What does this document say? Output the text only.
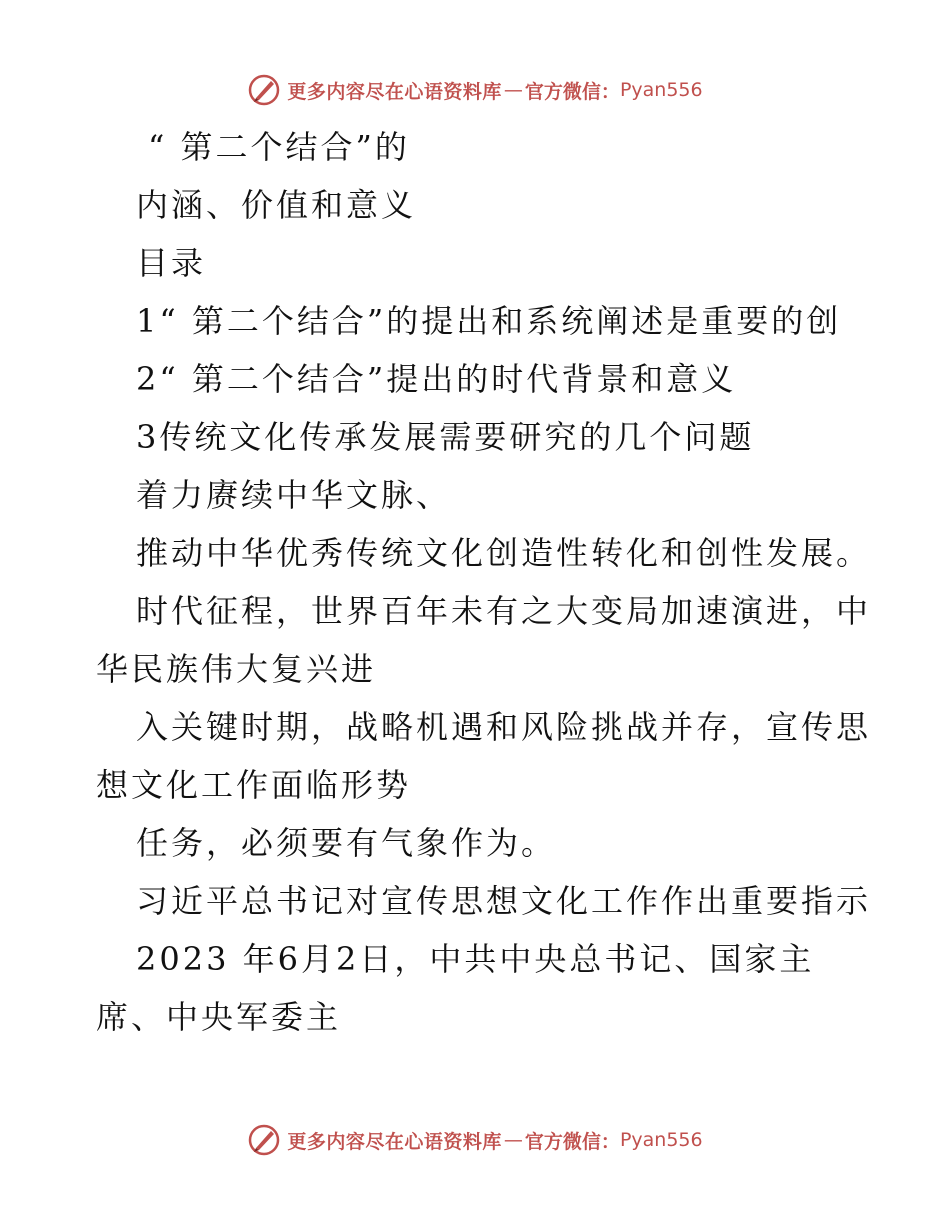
更多内容尽在心语资料库 — 官方微信： Pyan556

“ 第二个结合”的

内涵、价值和意义

目录

1“ 第二个结合”的提出和系统阐述是重要的创

2“ 第二个结合”提出的时代背景和意义

3传统文化传承发展需要研究的几个问题

着力赓续中华文脉、

推动中华优秀传统文化创造性转化和创性发展。

时代征程，世界百年未有之大变局加速演进，中

华民族伟大复兴进

入关键时期，战略机遇和风险挑战并存，宣传思

想文化工作面临形势

任务，必须要有气象作为。

习近平总书记对宣传思想文化工作作出重要指示

2023 年6月2日，中共中央总书记、国家主

席、中央军委主

更多内容尽在心语资料库 — 官方微信： Pyan556
